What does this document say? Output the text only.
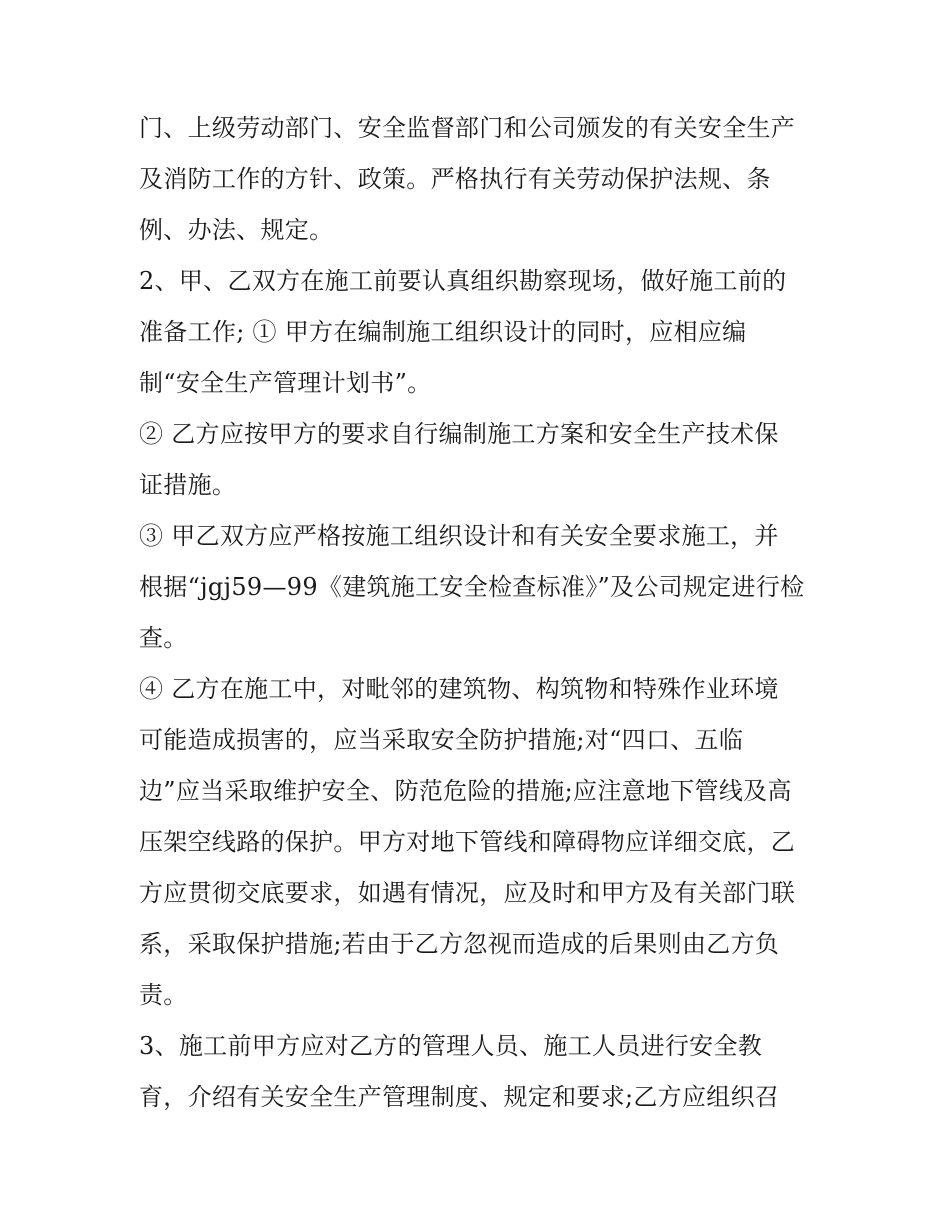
门、上级劳动部门、安全监督部门和公司颁发的有关安全生产
及消防工作的方针、政策。严格执行有关劳动保护法规、条
例、办法、规定。
2、甲、乙双方在施工前要认真组织勘察现场，做好施工前的
准备工作; ① 甲方在编制施工组织设计的同时，应相应编
制“安全生产管理计划书”。
② 乙方应按甲方的要求自行编制施工方案和安全生产技术保
证措施。
③ 甲乙双方应严格按施工组织设计和有关安全要求施工，并
根据“jgj59—99《建筑施工安全检查标准》”及公司规定进行检
查。
④ 乙方在施工中，对毗邻的建筑物、构筑物和特殊作业环境
可能造成损害的，应当采取安全防护措施;对“四口、五临
边”应当采取维护安全、防范危险的措施;应注意地下管线及高
压架空线路的保护。甲方对地下管线和障碍物应详细交底，乙
方应贯彻交底要求，如遇有情况，应及时和甲方及有关部门联
系，采取保护措施;若由于乙方忽视而造成的后果则由乙方负
责。
3、施工前甲方应对乙方的管理人员、施工人员进行安全教
育，介绍有关安全生产管理制度、规定和要求;乙方应组织召
